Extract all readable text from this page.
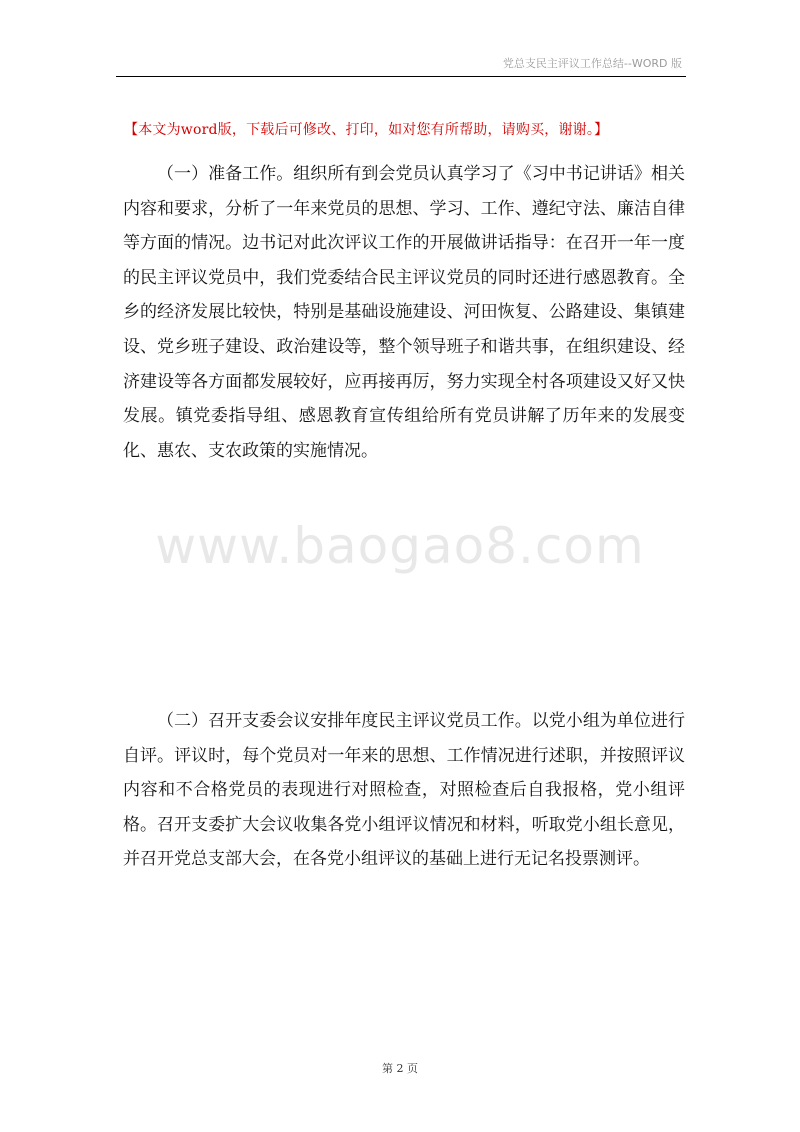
党总支民主评议工作总结--WORD 版
【本文为word版，下载后可修改、打印，如对您有所帮助，请购买，谢谢。】

（一）准备工作。组织所有到会党员认真学习了《习中书记讲话》相关内容和要求，分析了一年来党员的思想、学习、工作、遵纪守法、廉洁自律等方面的情况。边书记对此次评议工作的开展做讲话指导：在召开一年一度的民主评议党员中，我们党委结合民主评议党员的同时还进行感恩教育。全乡的经济发展比较快，特别是基础设施建设、河田恢复、公路建设、集镇建设、党乡班子建设、政治建设等，整个领导班子和谐共事，在组织建设、经济建设等各方面都发展较好，应再接再厉，努力实现全村各项建设又好又快发展。镇党委指导组、感恩教育宣传组给所有党员讲解了历年来的发展变化、惠农、支农政策的实施情况。

www.baogao8.com

（二）召开支委会议安排年度民主评议党员工作。以党小组为单位进行自评。评议时，每个党员对一年来的思想、工作情况进行述职，并按照评议内容和不合格党员的表现进行对照检查，对照检查后自我报格，党小组评格。召开支委扩大会议收集各党小组评议情况和材料，听取党小组长意见，并召开党总支部大会，在各党小组评议的基础上进行无记名投票测评。

第 2 页
